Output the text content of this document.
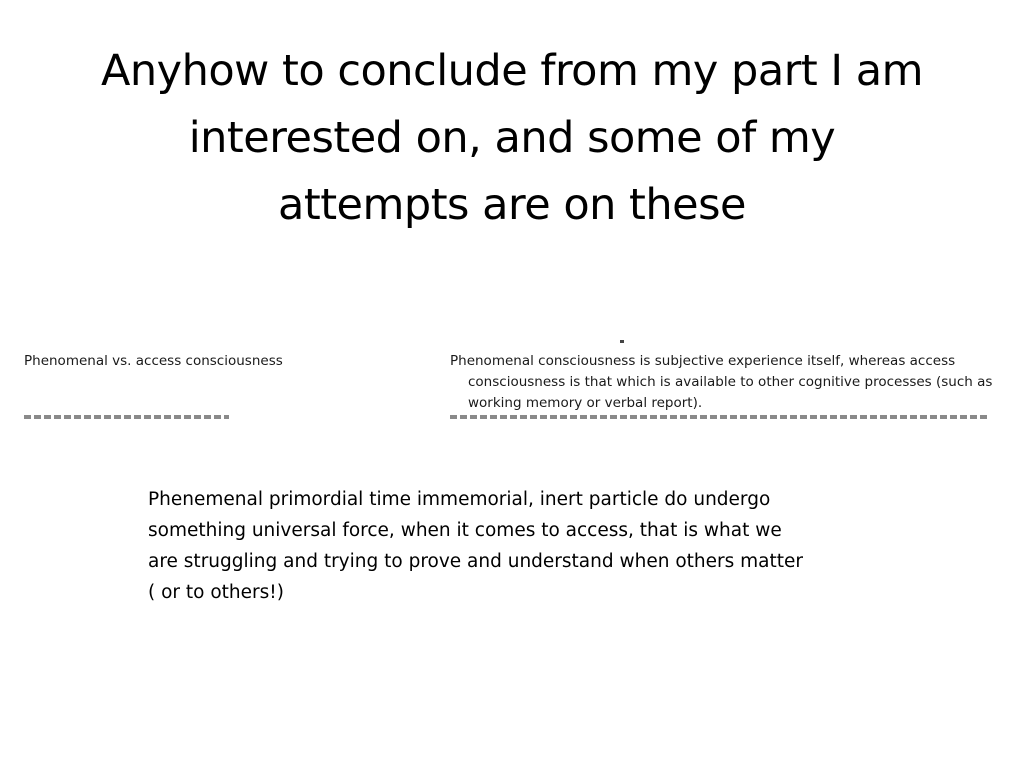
Anyhow to conclude from my part I am interested on, and some of my attempts are on these
Phenomenal vs. access consciousness	Phenomenal consciousness is subjective experience itself, whereas access consciousness is that which is available to other cognitive processes (such as working memory or verbal report).

Phenemenal primordial time immemorial, inert particle do undergo something universal force, when it comes to access, that is what we are struggling and trying to prove and understand when others matter ( or to others!)
